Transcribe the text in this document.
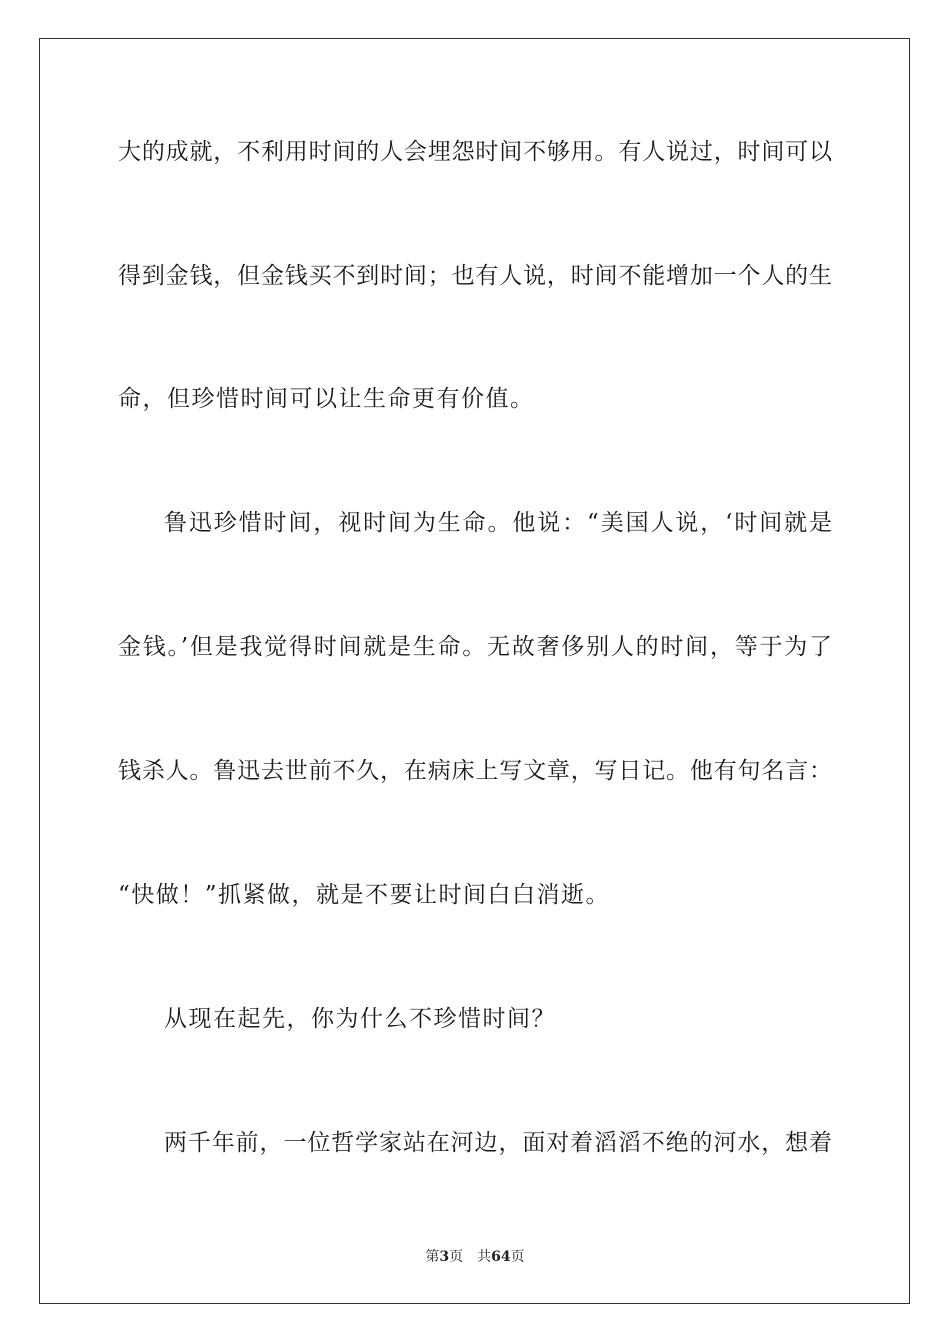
大的成就，不利用时间的人会埋怨时间不够用。有人说过，时间可以
得到金钱，但金钱买不到时间；也有人说，时间不能增加一个人的生
命，但珍惜时间可以让生命更有价值。
鲁迅珍惜时间，视时间为生命。他说：“美国人说，‘时间就是
金钱。’但是我觉得时间就是生命。无故奢侈别人的时间，等于为了
钱杀人。鲁迅去世前不久，在病床上写文章，写日记。他有句名言：
“快做！”抓紧做，就是不要让时间白白消逝。
从现在起先，你为什么不珍惜时间？
两千年前，一位哲学家站在河边，面对着滔滔不绝的河水，想着
第3页 共64页
